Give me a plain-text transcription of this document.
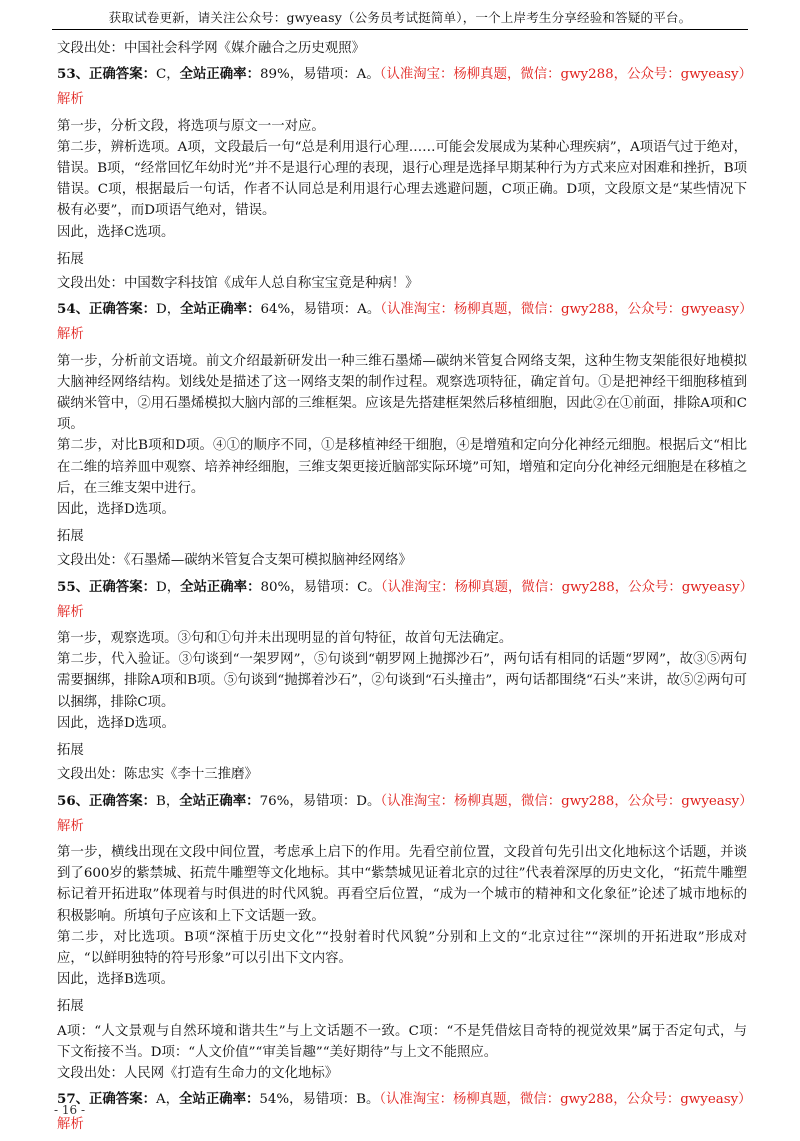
获取试卷更新，请关注公众号：gwyeasy（公务员考试挺简单），一个上岸考生分享经验和答疑的平台。

文段出处：中国社会科学网《媒介融合之历史观照》

53、正确答案：C，全站正确率：89%，易错项：A。（认准淘宝：杨柳真题，微信：gwy288，公众号：gwyeasy）

解析

第一步，分析文段，将选项与原文一一对应。

第二步，辨析选项。A项，文段最后一句“总是利用退行心理……可能会发展成为某种心理疾病”，A项语气过于绝对，错误。B项，“经常回忆年幼时光”并不是退行心理的表现，退行心理是选择早期某种行为方式来应对困难和挫折，B项错误。C项，根据最后一句话，作者不认同总是利用退行心理去逃避问题，C项正确。D项，文段原文是“某些情况下极有必要”，而D项语气绝对，错误。

因此，选择C选项。

拓展

文段出处：中国数字科技馆《成年人总自称宝宝竟是种病！》

54、正确答案：D，全站正确率：64%，易错项：A。（认准淘宝：杨柳真题，微信：gwy288，公众号：gwyeasy）

解析

第一步，分析前文语境。前文介绍最新研发出一种三维石墨烯—碳纳米管复合网络支架，这种生物支架能很好地模拟大脑神经网络结构。划线处是描述了这一网络支架的制作过程。观察选项特征，确定首句。①是把神经干细胞移植到碳纳米管中，②用石墨烯模拟大脑内部的三维框架。应该是先搭建框架然后移植细胞，因此②在①前面，排除A项和C项。

第二步，对比B项和D项。④①的顺序不同，①是移植神经干细胞，④是增殖和定向分化神经元细胞。根据后文“相比在二维的培养皿中观察、培养神经细胞，三维支架更接近脑部实际环境”可知，增殖和定向分化神经元细胞是在移植之后，在三维支架中进行。

因此，选择D选项。

拓展

文段出处：《石墨烯—碳纳米管复合支架可模拟脑神经网络》

55、正确答案：D，全站正确率：80%，易错项：C。（认准淘宝：杨柳真题，微信：gwy288，公众号：gwyeasy）

解析

第一步，观察选项。③句和①句并未出现明显的首句特征，故首句无法确定。

第二步，代入验证。③句谈到“一架罗网”，⑤句谈到“朝罗网上抛掷沙石”，两句话有相同的话题“罗网”，故③⑤两句需要捆绑，排除A项和B项。⑤句谈到“抛掷着沙石”，②句谈到“石头撞击”，两句话都围绕“石头”来讲，故⑤②两句可以捆绑，排除C项。

因此，选择D选项。

拓展

文段出处：陈忠实《李十三推磨》

56、正确答案：B，全站正确率：76%，易错项：D。（认准淘宝：杨柳真题，微信：gwy288，公众号：gwyeasy）

解析

第一步，横线出现在文段中间位置，考虑承上启下的作用。先看空前位置，文段首句先引出文化地标这个话题，并谈到了600岁的紫禁城、拓荒牛雕塑等文化地标。其中“紫禁城见证着北京的过往”代表着深厚的历史文化，“拓荒牛雕塑标记着开拓进取”体现着与时俱进的时代风貌。再看空后位置，“成为一个城市的精神和文化象征”论述了城市地标的积极影响。所填句子应该和上下文话题一致。

第二步，对比选项。B项“深植于历史文化”“投射着时代风貌”分别和上文的“北京过往”“深圳的开拓进取”形成对应，“以鲜明独特的符号形象”可以引出下文内容。

因此，选择B选项。

拓展

A项：“人文景观与自然环境和谐共生”与上文话题不一致。C项：“不是凭借炫目奇特的视觉效果”属于否定句式，与下文衔接不当。D项：“人文价值”“审美旨趣”“美好期待”与上文不能照应。

文段出处：人民网《打造有生命力的文化地标》

57、正确答案：A，全站正确率：54%，易错项：B。（认准淘宝：杨柳真题，微信：gwy288，公众号：gwyeasy）

解析
- 16 -
